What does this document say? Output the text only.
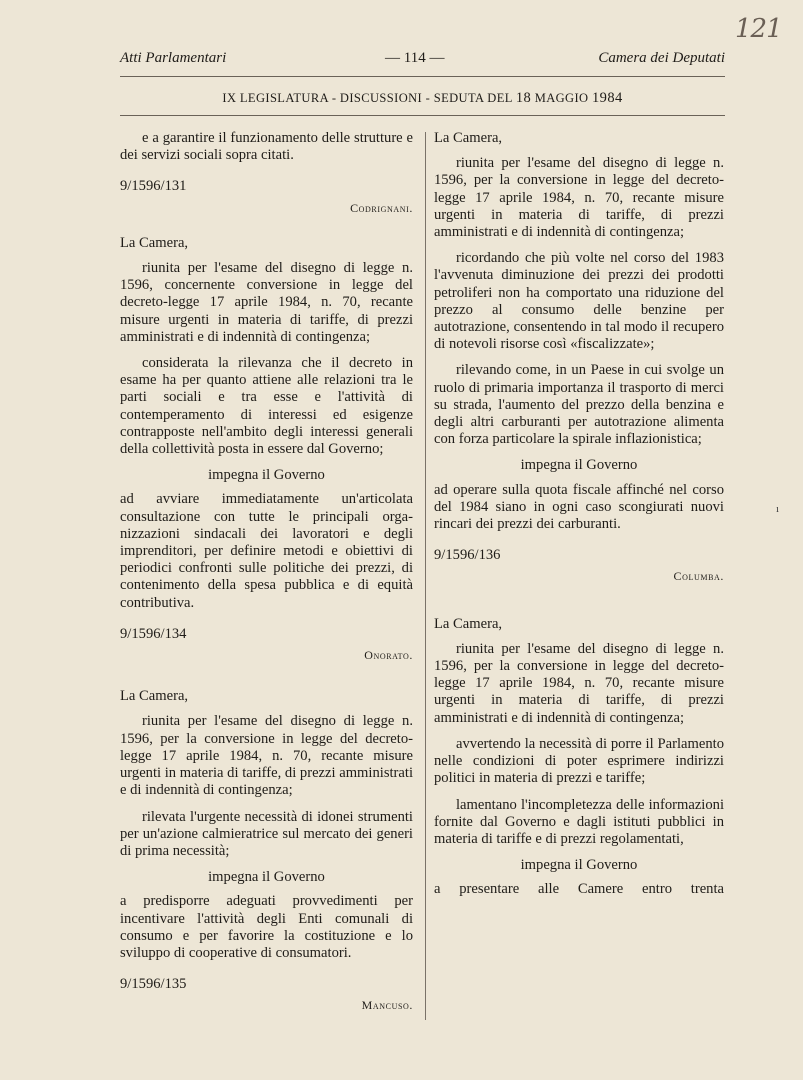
121
Atti Parlamentari	— 114 —	Camera dei Deputati
IX LEGISLATURA - DISCUSSIONI - SEDUTA DEL 18 MAGGIO 1984

e a garantire il funzionamento delle strutture e dei servizi sociali sopra citati.

9/1596/131

Codrignani.

La Camera,

riunita per l'esame del disegno di legge n. 1596, concernente conversione in legge del decreto-legge 17 aprile 1984, n. 70, recante misure urgenti in materia di tariffe, di prezzi amministrati e di indennità di contingenza;

considerata la rilevanza che il decreto in esame ha per quanto attiene alle relazioni tra le parti sociali e tra esse e l'attività di contemperamento di interessi ed esigenze contrapposte nell'ambito degli interessi generali della collettività posta in essere dal Governo;

impegna il Governo

ad avviare immediatamente un'articolata consultazione con tutte le principali organizzazioni sindacali dei lavoratori e degli imprenditori, per definire metodi e obiettivi di periodici confronti sulle politiche dei prezzi, di contenimento della spesa pubblica e di equità contributiva.

9/1596/134

Onorato.

La Camera,

riunita per l'esame del disegno di legge n. 1596, per la conversione in legge del decreto-legge 17 aprile 1984, n. 70, recante misure urgenti in materia di tariffe, di prezzi amministrati e di indennità di contingenza;

rilevata l'urgente necessità di idonei strumenti per un'azione calmieratrice sul mercato dei generi di prima necessità;

impegna il Governo

a predisporre adeguati provvedimenti per incentivare l'attività degli Enti comunali di consumo e per favorire la costituzione e lo sviluppo di cooperative di consumatori.

9/1596/135

Mancuso.

La Camera,

riunita per l'esame del disegno di legge n. 1596, per la conversione in legge del decreto-legge 17 aprile 1984, n. 70, recante misure urgenti in materia di tariffe, di prezzi amministrati e di indennità di contingenza;

ricordando che più volte nel corso del 1983 l'avvenuta diminuzione dei prezzi dei prodotti petroliferi non ha comportato una riduzione del prezzo al consumo delle benzine per autotrazione, consentendo in tal modo il recupero di notevoli risorse così «fiscalizzate»;

rilevando come, in un Paese in cui svolge un ruolo di primaria importanza il trasporto di merci su strada, l'aumento del prezzo della benzina e degli altri carburanti per autotrazione alimenta con forza particolare la spirale inflazionistica;

impegna il Governo

ad operare sulla quota fiscale affinché nel corso del 1984 siano in ogni caso scongiurati nuovi rincari dei prezzi dei carburanti.

9/1596/136

Columba.

La Camera,

riunita per l'esame del disegno di legge n. 1596, per la conversione in legge del decreto-legge 17 aprile 1984, n. 70, recante misure urgenti in materia di tariffe, di prezzi amministrati e di indennità di contingenza;

avvertendo la necessità di porre il Parlamento nelle condizioni di poter esprimere indirizzi politici in materia di prezzi e tariffe;

lamentano l'incompletezza delle informazioni fornite dal Governo e dagli istituti pubblici in materia di tariffe e di prezzi regolamentati,

impegna il Governo

a presentare alle Camere entro trenta

ı
